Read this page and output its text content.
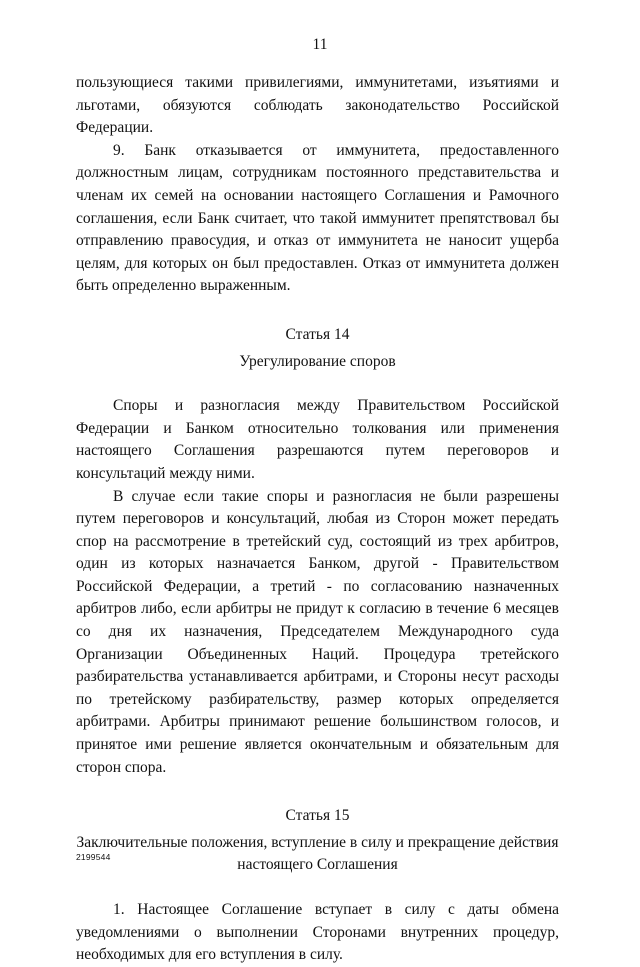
11

пользующиеся такими привилегиями, иммунитетами, изъятиями и льготами, обязуются соблюдать законодательство Российской Федерации.

9. Банк отказывается от иммунитета, предоставленного должностным лицам, сотрудникам постоянного представительства и членам их семей на основании настоящего Соглашения и Рамочного соглашения, если Банк считает, что такой иммунитет препятствовал бы отправлению правосудия, и отказ от иммунитета не наносит ущерба целям, для которых он был предоставлен. Отказ от иммунитета должен быть определенно выраженным.

Статья 14

Урегулирование споров

Споры и разногласия между Правительством Российской Федерации и Банком относительно толкования или применения настоящего Соглашения разрешаются путем переговоров и консультаций между ними.

В случае если такие споры и разногласия не были разрешены путем переговоров и консультаций, любая из Сторон может передать спор на рассмотрение в третейский суд, состоящий из трех арбитров, один из которых назначается Банком, другой - Правительством Российской Федерации, а третий - по согласованию назначенных арбитров либо, если арбитры не придут к согласию в течение 6 месяцев со дня их назначения, Председателем Международного суда Организации Объединенных Наций. Процедура третейского разбирательства устанавливается арбитрами, и Стороны несут расходы по третейскому разбирательству, размер которых определяется арбитрами. Арбитры принимают решение большинством голосов, и принятое ими решение является окончательным и обязательным для сторон спора.

Статья 15

Заключительные положения, вступление в силу и прекращение действия настоящего Соглашения

1. Настоящее Соглашение вступает в силу с даты обмена уведомлениями о выполнении Сторонами внутренних процедур, необходимых для его вступления в силу.

2199544
